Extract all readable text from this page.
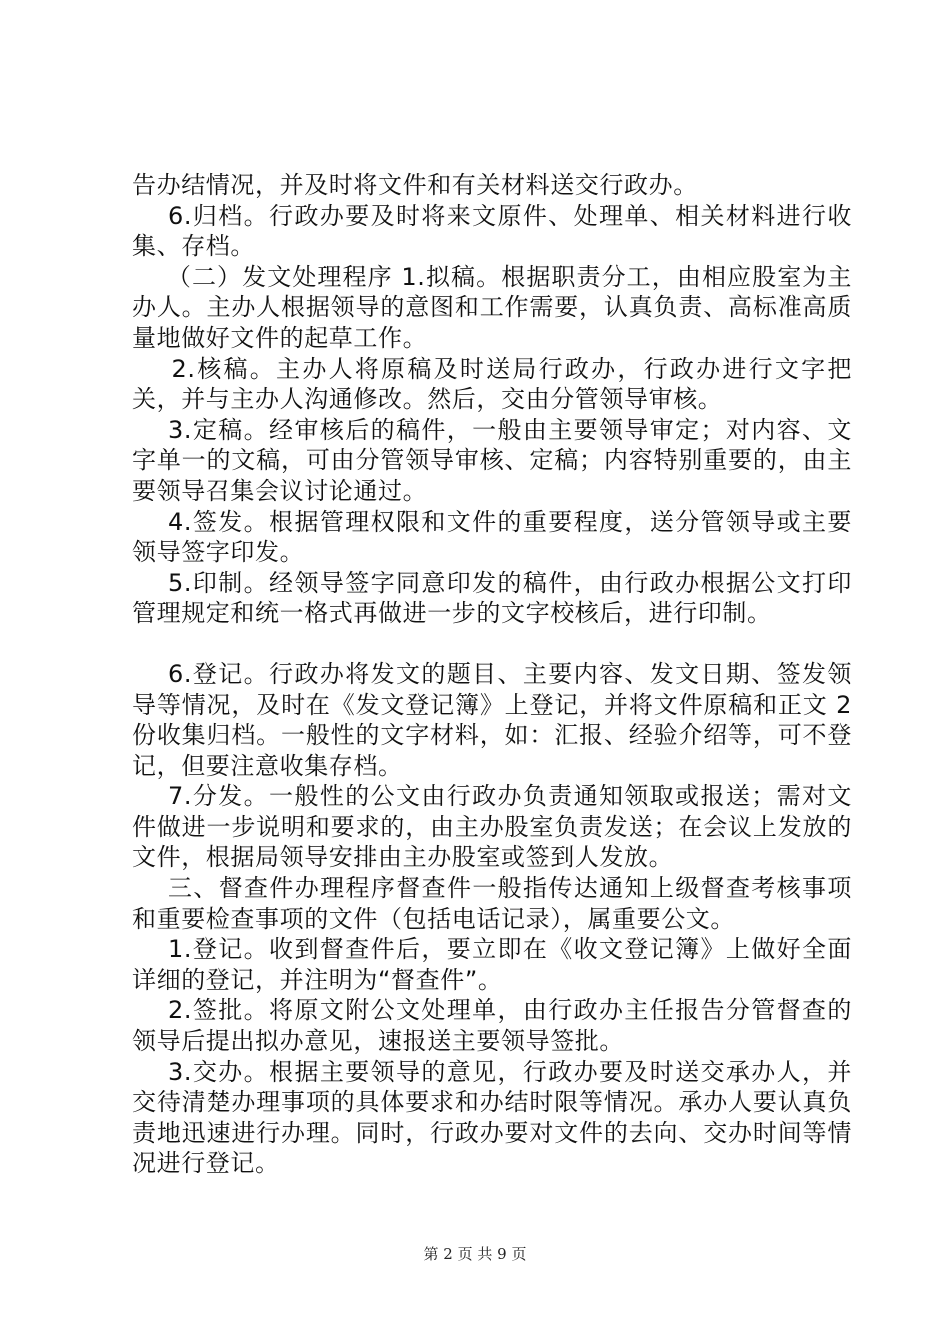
告办结情况，并及时将文件和有关材料送交行政办。

6.归档。行政办要及时将来文原件、处理单、相关材料进行收集、存档。

（二）发文处理程序 1.拟稿。根据职责分工，由相应股室为主办人。主办人根据领导的意图和工作需要，认真负责、高标准高质量地做好文件的起草工作。

2.核稿。主办人将原稿及时送局行政办，行政办进行文字把关，并与主办人沟通修改。然后，交由分管领导审核。

3.定稿。经审核后的稿件，一般由主要领导审定；对内容、文字单一的文稿，可由分管领导审核、定稿；内容特别重要的，由主要领导召集会议讨论通过。

4.签发。根据管理权限和文件的重要程度，送分管领导或主要领导签字印发。

5.印制。经领导签字同意印发的稿件，由行政办根据公文打印管理规定和统一格式再做进一步的文字校核后，进行印制。

6.登记。行政办将发文的题目、主要内容、发文日期、签发领导等情况，及时在《发文登记簿》上登记，并将文件原稿和正文 2 份收集归档。一般性的文字材料，如：汇报、经验介绍等，可不登记，但要注意收集存档。

7.分发。一般性的公文由行政办负责通知领取或报送；需对文件做进一步说明和要求的，由主办股室负责发送；在会议上发放的文件，根据局领导安排由主办股室或签到人发放。

三、督查件办理程序督查件一般指传达通知上级督查考核事项和重要检查事项的文件（包括电话记录），属重要公文。

1.登记。收到督查件后，要立即在《收文登记簿》上做好全面详细的登记，并注明为“督查件”。

2.签批。将原文附公文处理单，由行政办主任报告分管督查的领导后提出拟办意见，速报送主要领导签批。

3.交办。根据主要领导的意见，行政办要及时送交承办人，并交待清楚办理事项的具体要求和办结时限等情况。承办人要认真负责地迅速进行办理。同时，行政办要对文件的去向、交办时间等情况进行登记。

第 2 页 共 9 页
